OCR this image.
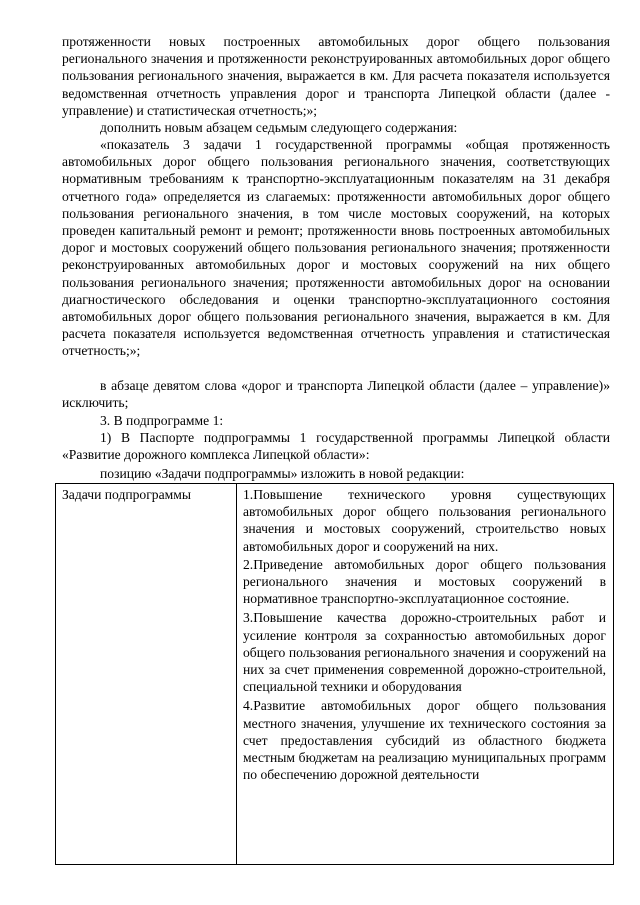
протяженности новых построенных автомобильных дорог общего пользования регионального значения и протяженности реконструированных автомобильных дорог общего пользования регионального значения, выражается в км. Для расчета показателя используется ведомственная отчетность управления дорог и транспорта Липецкой области (далее - управление) и статистическая отчетность;»;

дополнить новым абзацем седьмым следующего содержания:

«показатель 3 задачи 1 государственной программы «общая протяженность автомобильных дорог общего пользования регионального значения, соответствующих нормативным требованиям к транспортно-эксплуатационным показателям на 31 декабря отчетного года» определяется из слагаемых: протяженности автомобильных дорог общего пользования регионального значения, в том числе мостовых сооружений, на которых проведен капитальный ремонт и ремонт; протяженности вновь построенных автомобильных дорог и мостовых сооружений общего пользования регионального значения; протяженности реконструированных автомобильных дорог и мостовых сооружений на них общего пользования регионального значения; протяженности автомобильных дорог на основании диагностического обследования и оценки транспортно-эксплуатационного состояния автомобильных дорог общего пользования регионального значения, выражается в км. Для расчета показателя используется ведомственная отчетность управления и статистическая отчетность;»;

в абзаце девятом слова «дорог и транспорта Липецкой области (далее – управление)» исключить;

3. В подпрограмме 1:

1) В Паспорте подпрограммы 1 государственной программы Липецкой области «Развитие дорожного комплекса Липецкой области»:

позицию «Задачи подпрограммы» изложить в новой редакции:

Задачи подпрограммы	1.Повышение технического уровня существующих автомобильных дорог общего пользования регионального значения и мостовых сооружений, строительство новых автомобильных дорог и сооружений на них.

2.Приведение автомобильных дорог общего пользования регионального значения и мостовых сооружений в нормативное транспортно-эксплуатационное состояние.

3.Повышение качества дорожно-строительных работ и усиление контроля за сохранностью автомобильных дорог общего пользования регионального значения и сооружений на них за счет применения современной дорожно-строительной, специальной техники и оборудования

4.Развитие автомобильных дорог общего пользования местного значения, улучшение их технического состояния за счет предоставления субсидий из областного бюджета местным бюджетам на реализацию муниципальных программ по обеспечению дорожной деятельности
